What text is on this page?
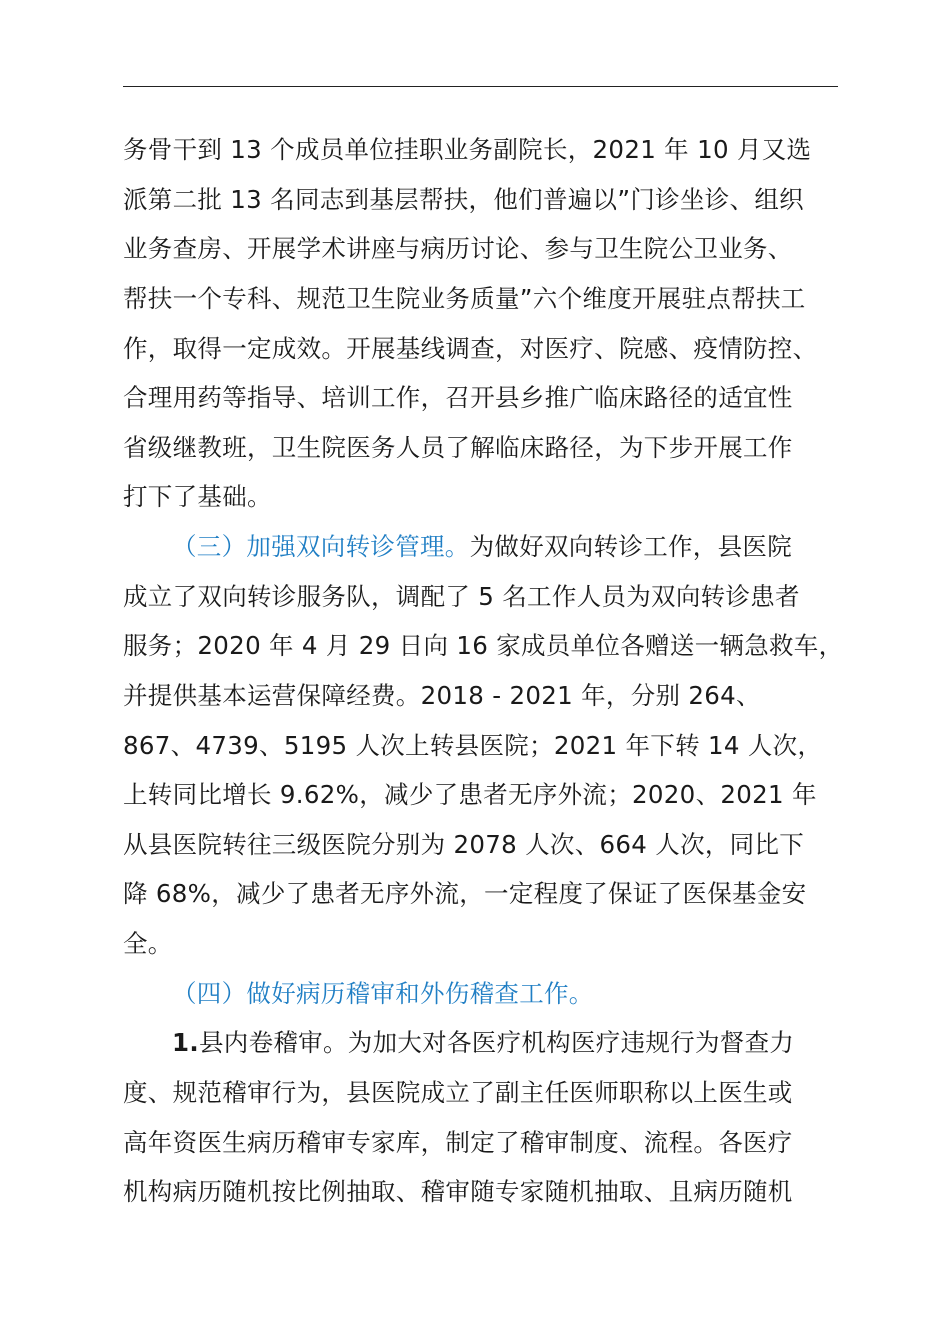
务骨干到 13 个成员单位挂职业务副院长，2021 年 10 月又选
派第二批 13 名同志到基层帮扶，他们普遍以”门诊坐诊、组织
业务查房、开展学术讲座与病历讨论、参与卫生院公卫业务、
帮扶一个专科、规范卫生院业务质量”六个维度开展驻点帮扶工
作，取得一定成效。开展基线调查，对医疗、院感、疫情防控、
合理用药等指导、培训工作，召开县乡推广临床路径的适宜性
省级继教班，卫生院医务人员了解临床路径，为下步开展工作
打下了基础。
（三）加强双向转诊管理。为做好双向转诊工作，县医院
成立了双向转诊服务队，调配了 5 名工作人员为双向转诊患者
服务；2020 年 4 月 29 日向 16 家成员单位各赠送一辆急救车，
并提供基本运营保障经费。2018 - 2021 年，分别 264、
867、4739、5195 人次上转县医院；2021 年下转 14 人次，
上转同比增长 9.62%，减少了患者无序外流；2020、2021 年
从县医院转往三级医院分别为 2078 人次、664 人次，同比下
降 68%，减少了患者无序外流，一定程度了保证了医保基金安
全。
（四）做好病历稽审和外伤稽查工作。
1.县内卷稽审。为加大对各医疗机构医疗违规行为督查力
度、规范稽审行为，县医院成立了副主任医师职称以上医生或
高年资医生病历稽审专家库，制定了稽审制度、流程。各医疗
机构病历随机按比例抽取、稽审随专家随机抽取、且病历随机
